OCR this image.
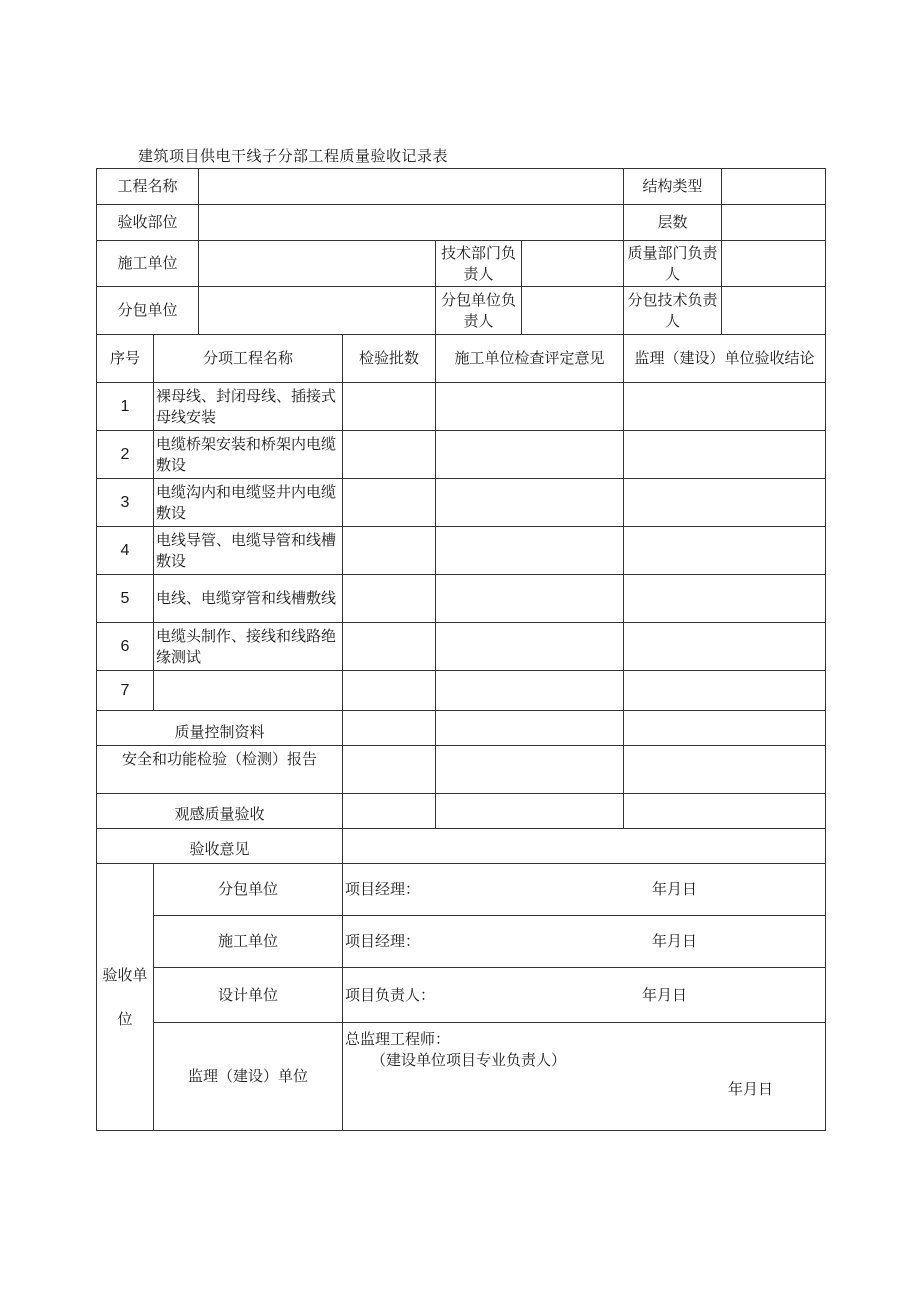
建筑项目供电干线子分部工程质量验收记录表
工程名称						结构类型	
验收部位						层数	
施工单位				技术部门负责人		质量部门负责人	
分包单位				分包单位负责人		分包技术负责人	
序号	分项工程名称		检验批数	施工单位检查评定意见		监理（建设）单位验收结论	
1	裸母线、封闭母线、插接式母线安装						
2	电缆桥架安装和桥架内电缆敷设						
3	电缆沟内和电缆竖井内电缆敷设						
4	电线导管、电缆导管和线槽敷设						
5	电线、电缆穿管和线槽敷线						
6	电缆头制作、接线和线路绝缘测试						
7							
质量控制资料							
安全和功能检验（检测）报告							
观感质量验收							
验收意见							
验收单位	分包单位		项目经理： 年月日				

	施工单位		项目经理： 年月日				

	设计单位		项目负责人： 年月日				

	监理（建设）单位		总监理工程师：
（建设单位项目专业负责人）
年月日				
